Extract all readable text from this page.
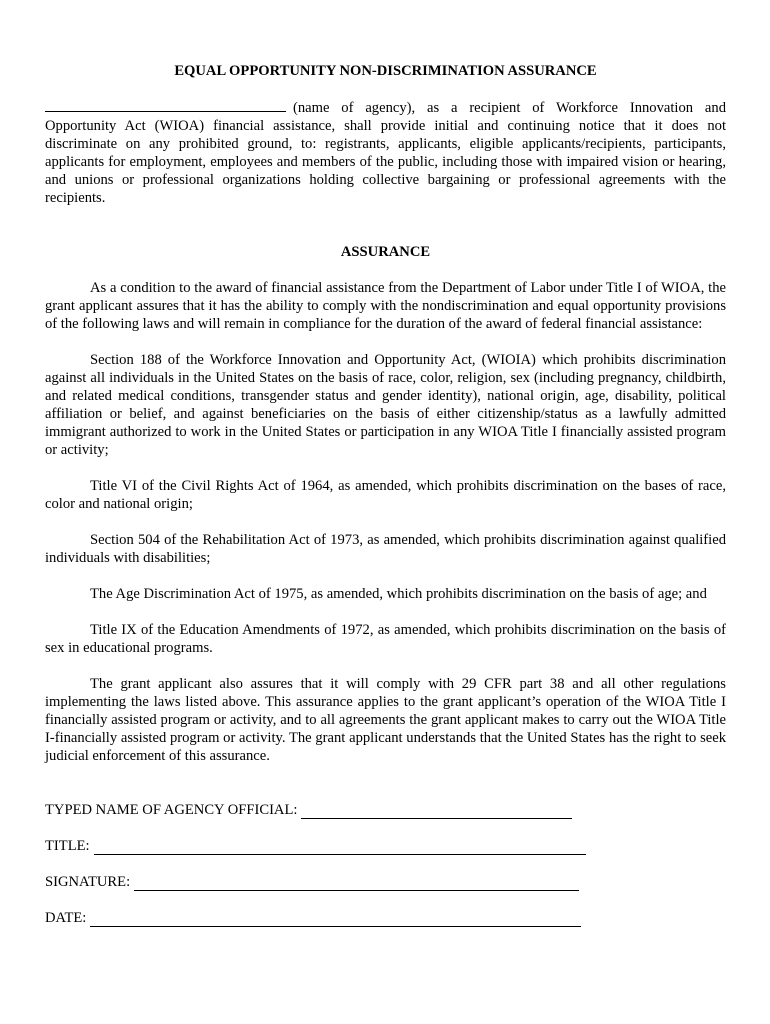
EQUAL OPPORTUNITY NON-DISCRIMINATION ASSURANCE

(name of agency), as a recipient of Workforce Innovation and Opportunity Act (WIOA) financial assistance, shall provide initial and continuing notice that it does not discriminate on any prohibited ground, to: registrants, applicants, eligible applicants/recipients, participants, applicants for employment, employees and members of the public, including those with impaired vision or hearing, and unions or professional organizations holding collective bargaining or professional agreements with the recipients.

ASSURANCE

As a condition to the award of financial assistance from the Department of Labor under Title I of WIOA, the grant applicant assures that it has the ability to comply with the nondiscrimination and equal opportunity provisions of the following laws and will remain in compliance for the duration of the award of federal financial assistance:

Section 188 of the Workforce Innovation and Opportunity Act, (WIOIA) which prohibits discrimination against all individuals in the United States on the basis of race, color, religion, sex (including pregnancy, childbirth, and related medical conditions, transgender status and gender identity), national origin, age, disability, political affiliation or belief, and against beneficiaries on the basis of either citizenship/status as a lawfully admitted immigrant authorized to work in the United States or participation in any WIOA Title I financially assisted program or activity;

Title VI of the Civil Rights Act of 1964, as amended, which prohibits discrimination on the bases of race, color and national origin;

Section 504 of the Rehabilitation Act of 1973, as amended, which prohibits discrimination against qualified individuals with disabilities;

The Age Discrimination Act of 1975, as amended, which prohibits discrimination on the basis of age; and

Title IX of the Education Amendments of 1972, as amended, which prohibits discrimination on the basis of sex in educational programs.

The grant applicant also assures that it will comply with 29 CFR part 38 and all other regulations implementing the laws listed above. This assurance applies to the grant applicant’s operation of the WIOA Title I financially assisted program or activity, and to all agreements the grant applicant makes to carry out the WIOA Title I-financially assisted program or activity. The grant applicant understands that the United States has the right to seek judicial enforcement of this assurance.

TYPED NAME OF AGENCY OFFICIAL:
TITLE:
SIGNATURE:
DATE:
